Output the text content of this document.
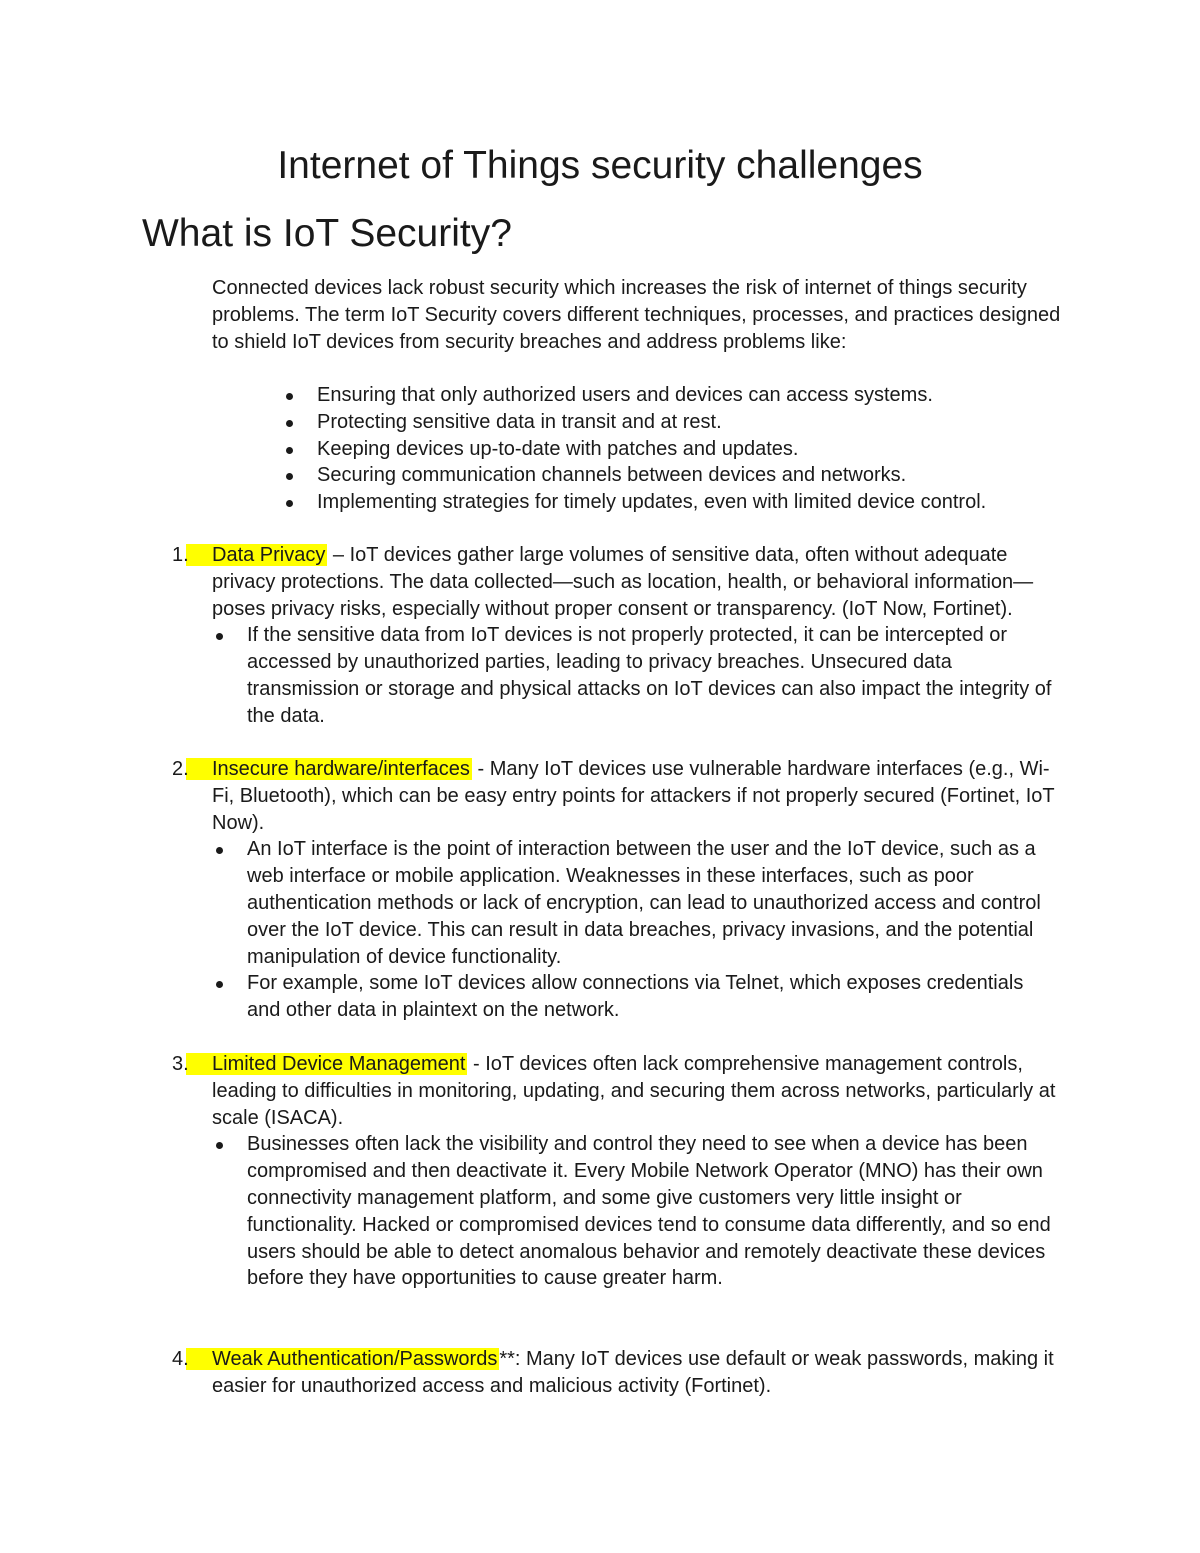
Internet of Things security challenges
What is IoT Security?

Connected devices lack robust security which increases the risk of internet of things security problems. The term IoT Security covers different techniques, processes, and practices designed to shield IoT devices from security breaches and address problems like:

Ensuring that only authorized users and devices can access systems.
Protecting sensitive data in transit and at rest.
Keeping devices up-to-date with patches and updates.
Securing communication channels between devices and networks.
Implementing strategies for timely updates, even with limited device control.
1. Data Privacy – IoT devices gather large volumes of sensitive data, often without adequate privacy protections. The data collected—such as location, health, or behavioral information—poses privacy risks, especially without proper consent or transparency. (IoT Now, Fortinet).
If the sensitive data from IoT devices is not properly protected, it can be intercepted or accessed by unauthorized parties, leading to privacy breaches. Unsecured data transmission or storage and physical attacks on IoT devices can also impact the integrity of the data.
2. Insecure hardware/interfaces - Many IoT devices use vulnerable hardware interfaces (e.g., Wi-Fi, Bluetooth), which can be easy entry points for attackers if not properly secured (Fortinet, IoT Now).
An IoT interface is the point of interaction between the user and the IoT device, such as a web interface or mobile application. Weaknesses in these interfaces, such as poor authentication methods or lack of encryption, can lead to unauthorized access and control over the IoT device. This can result in data breaches, privacy invasions, and the potential manipulation of device functionality.
For example, some IoT devices allow connections via Telnet, which exposes credentials and other data in plaintext on the network.
3. Limited Device Management - IoT devices often lack comprehensive management controls, leading to difficulties in monitoring, updating, and securing them across networks, particularly at scale (ISACA).
Businesses often lack the visibility and control they need to see when a device has been compromised and then deactivate it. Every Mobile Network Operator (MNO) has their own connectivity management platform, and some give customers very little insight or functionality. Hacked or compromised devices tend to consume data differently, and so end users should be able to detect anomalous behavior and remotely deactivate these devices before they have opportunities to cause greater harm.
4. Weak Authentication/Passwords **: Many IoT devices use default or weak passwords, making it easier for unauthorized access and malicious activity (Fortinet).
